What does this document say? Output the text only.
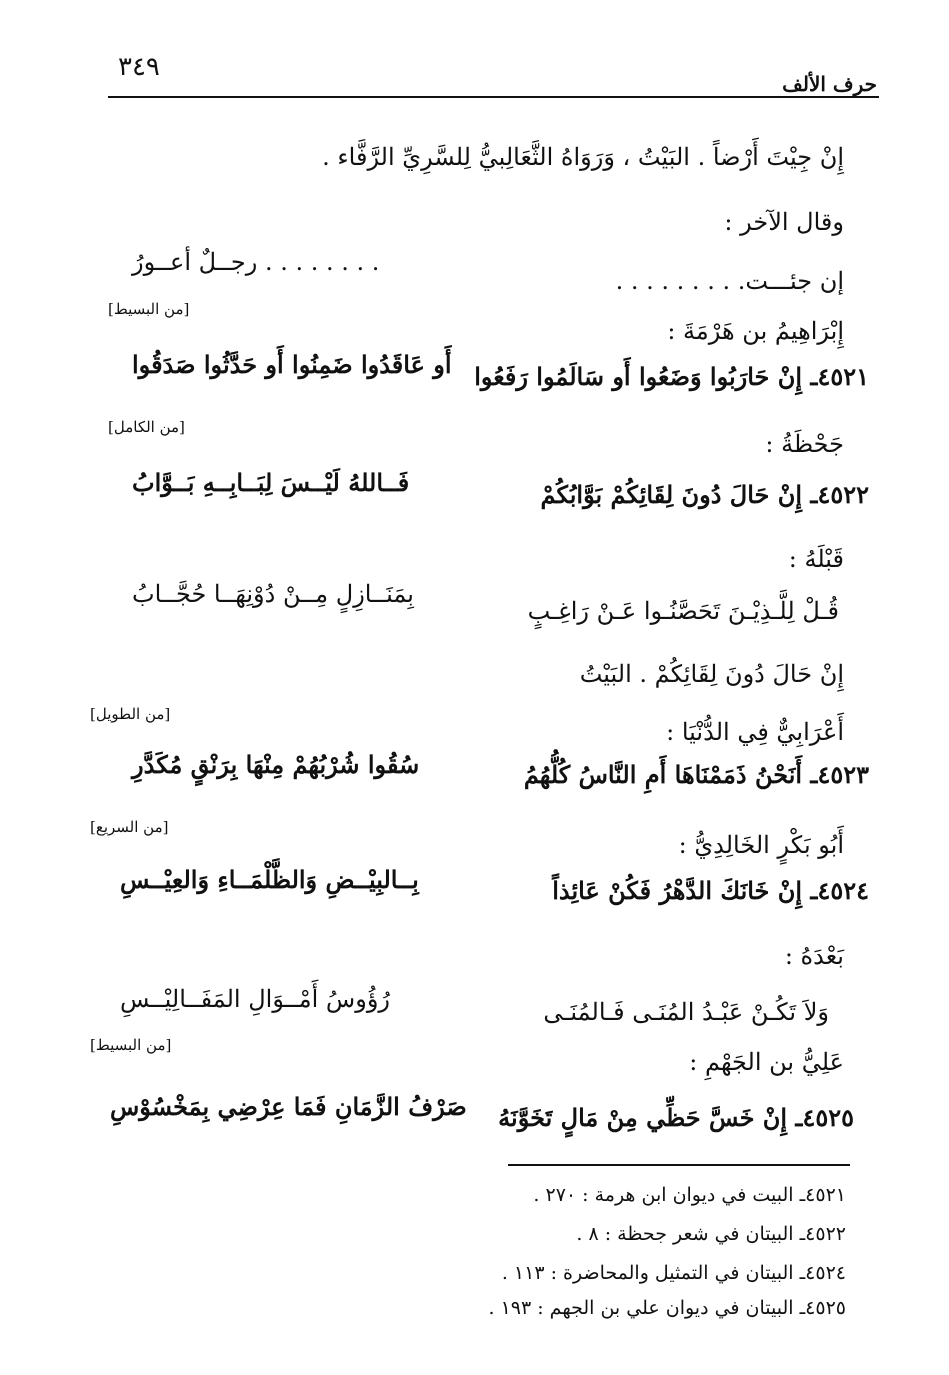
حرف الألف
٣٤٩
إِنْ جِيْتَ أَرْضاً . البَيْتُ ، وَرَوَاهُ الثَّعَالِبيُّ لِلسَّرِيِّ الرَّفَّاء .
وقال الآخر :
إن جئـــت. . . . . . . . .
. . . . . . . . رجــلٌ أعــورُ
[من البسيط]
إِبْرَاهِيمُ بن هَرْمَةَ :
٤٥٢١ـ إِنْ حَارَبُوا وَضَعُوا أَو سَالَمُوا رَفَعُوا
أَو عَاقَدُوا ضَمِنُوا أَو حَدَّثُوا صَدَقُوا
[من الكامل]
جَحْظَةُ :
٤٥٢٢ـ إِنْ حَالَ دُونَ لِقَائِكُمْ بَوَّابُكُمْ
فَــاللهُ لَيْــسَ لِبَــابِــهِ بَــوَّابُ
قَبْلَهُ :
قُـلْ لِلَّـذِيْـنَ تَحَصَّنُـوا عَـنْ رَاغِـبٍ
بِمَنَــازِلٍ مِــنْ دُوْنِهَــا حُجَّــابُ
إِنْ حَالَ دُونَ لِقَائِكُمْ . البَيْتُ
[من الطويل]
أَعْرَابِيٌّ فِي الدُّنْيَا :
٤٥٢٣ـ أَنَحْنُ ذَمَمْنَاهَا أَمِ النَّاسُ كُلُّهُمُ
سُقُوا شُرْبُهُمْ مِنْهَا بِرَنْقٍ مُكَدَّرِ
[من السريع]
أَبُو بَكْرٍ الخَالِدِيُّ :
٤٥٢٤ـ إِنْ خَانَكَ الدَّهْرُ فَكُنْ عَائِذاً
بِــالبِيْــضِ وَالظَّلْمَــاءِ وَالعِيْــسِ
بَعْدَهُ :
وَلاَ تَكُـنْ عَبْـدُ المُنَـى فَـالمُنَـى
رُؤُوسُ أَمْــوَالِ المَفَــالِيْــسِ
[من البسيط]
عَلِيُّ بن الجَهْمِ :
٤٥٢٥ـ إِنْ خَسَّ حَظِّي مِنْ مَالٍ تَخَوَّنَهُ
صَرْفُ الزَّمَانِ فَمَا عِرْضِي بِمَخْسُوْسِ
٤٥٢١ـ البيت في ديوان ابن هرمة : ٢٧٠ .
٤٥٢٢ـ البيتان في شعر جحظة : ٨ .
٤٥٢٤ـ البيتان في التمثيل والمحاضرة : ١١٣ .
٤٥٢٥ـ البيتان في ديوان علي بن الجهم : ١٩٣ .
